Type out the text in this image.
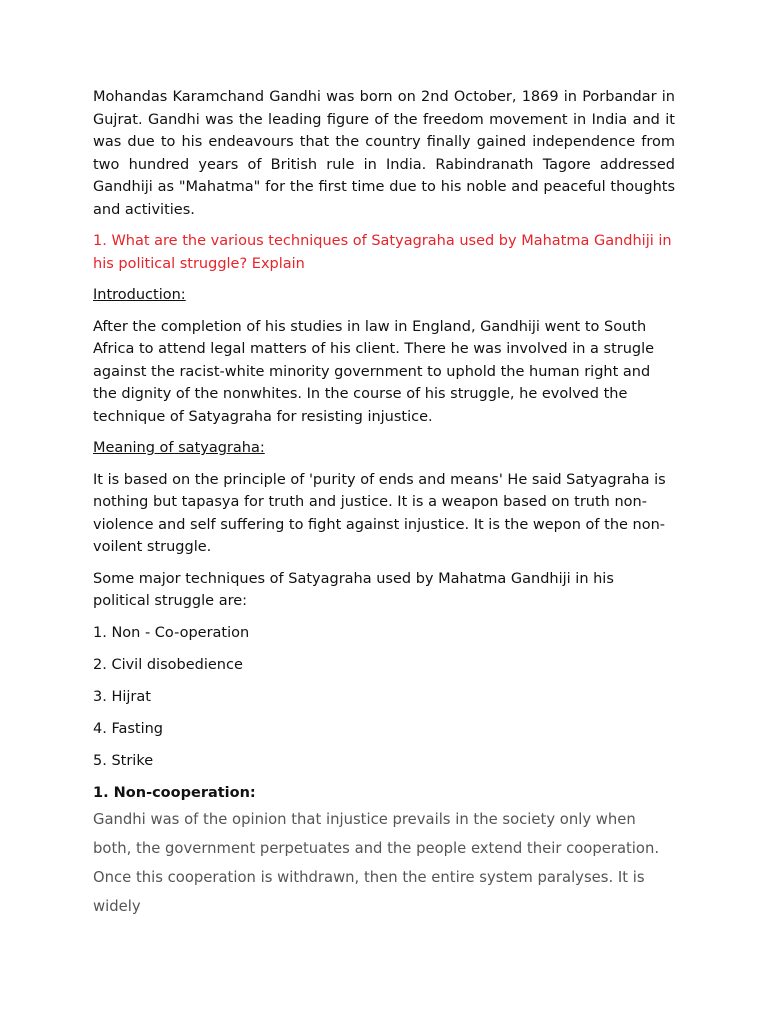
Mohandas Karamchand Gandhi was born on 2nd October, 1869 in Porbandar in Gujrat. Gandhi was the leading figure of the freedom movement in India and it was due to his endeavours that the country finally gained independence from two hundred years of British rule in India. Rabindranath Tagore addressed Gandhiji as "Mahatma" for the first time due to his noble and peaceful thoughts and activities.

1. What are the various techniques of Satyagraha used by Mahatma Gandhiji in his political struggle? Explain

Introduction:

After the completion of his studies in law in England, Gandhiji went to South Africa to attend legal matters of his client. There he was involved in a strugle against the racist-white minority government to uphold the human right and the dignity of the nonwhites. In the course of his struggle, he evolved the technique of Satyagraha for resisting injustice.

Meaning of satyagraha:

It is based on the principle of 'purity of ends and means' He said Satyagraha is nothing but tapasya for truth and justice. It is a weapon based on truth non-violence and self suffering to fight against injustice. It is the wepon of the non-voilent struggle.

Some major techniques of Satyagraha used by Mahatma Gandhiji in his political struggle are:

1. Non - Co-operation

2. Civil disobedience

3. Hijrat

4. Fasting

5. Strike

1. Non-cooperation:

Gandhi was of the opinion that injustice prevails in the society only when both, the government perpetuates and the people extend their cooperation. Once this cooperation is withdrawn, then the entire system paralyses. It is widely
